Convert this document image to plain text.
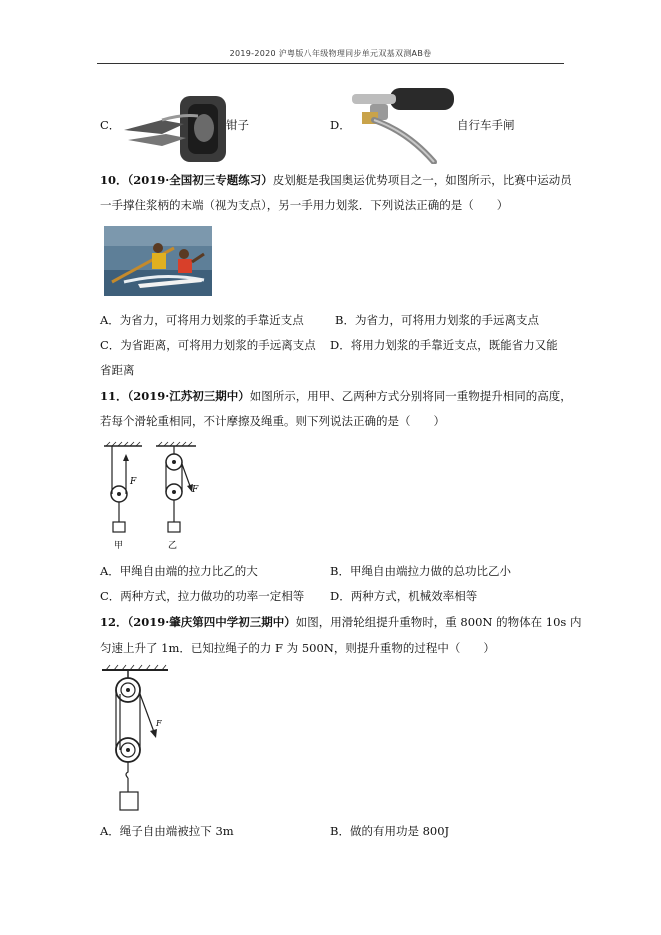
2019-2020 沪粤版八年级物理同步单元双基双测AB卷
C．	钳子	D．	自行车手闸
10．（2019·全国初三专题练习）皮划艇是我国奥运优势项目之一，如图所示，比赛中运动员
一手撑住浆柄的末端（视为支点），另一手用力划浆．下列说法正确的是（　　）
A．为省力，可将用力划浆的手靠近支点	B．为省力，可将用力划浆的手远离支点
C．为省距离，可将用力划浆的手远离支点 D．将用力划浆的手靠近支点，既能省力又能
省距离
11．（2019·江苏初三期中）如图所示，用甲、乙两种方式分别将同一重物提升相同的高度，
若每个滑轮重相同，不计摩擦及绳重。则下列说法正确的是（　　）
F
甲
F
乙
A．甲绳自由端的拉力比乙的大	B．甲绳自由端拉力做的总功比乙小
C．两种方式，拉力做功的功率一定相等 D．两种方式，机械效率相等
12．（2019·肇庆第四中学初三期中）如图，用滑轮组提升重物时，重 800N 的物体在 10s 内
匀速上升了 1m．已知拉绳子的力 F 为 500N，则提升重物的过程中（　　）
F
A．绳子自由端被拉下 3m	B．做的有用功是 800J
